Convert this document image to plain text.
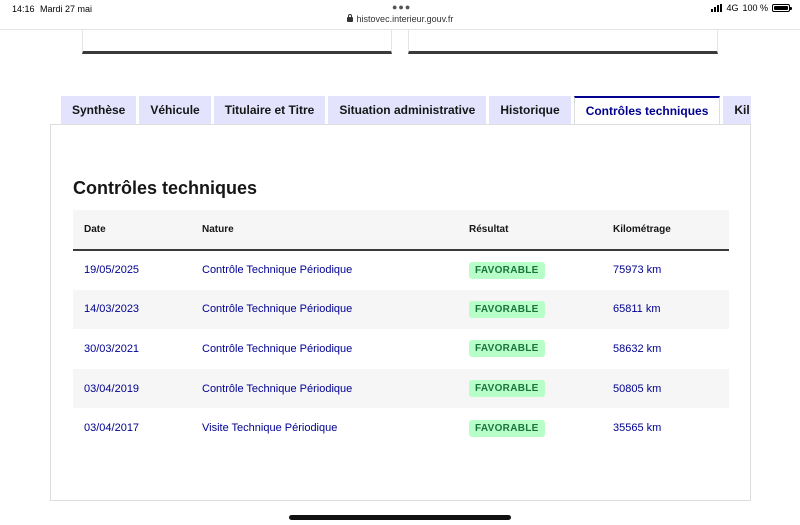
14:16 Mardi 27 mai	●●●
histovec.interieur.gouv.fr
4G 100 %
Synthèse Véhicule Titulaire et Titre Situation administrative Historique Contrôles techniques Kil
Contrôles techniques
Date	Nature	Résultat	Kilométrage
19/05/2025	Contrôle Technique Périodique	FAVORABLE	75973 km
14/03/2023	Contrôle Technique Périodique	FAVORABLE	65811 km
30/03/2021	Contrôle Technique Périodique	FAVORABLE	58632 km
03/04/2019	Contrôle Technique Périodique	FAVORABLE	50805 km
03/04/2017	Visite Technique Périodique	FAVORABLE	35565 km
